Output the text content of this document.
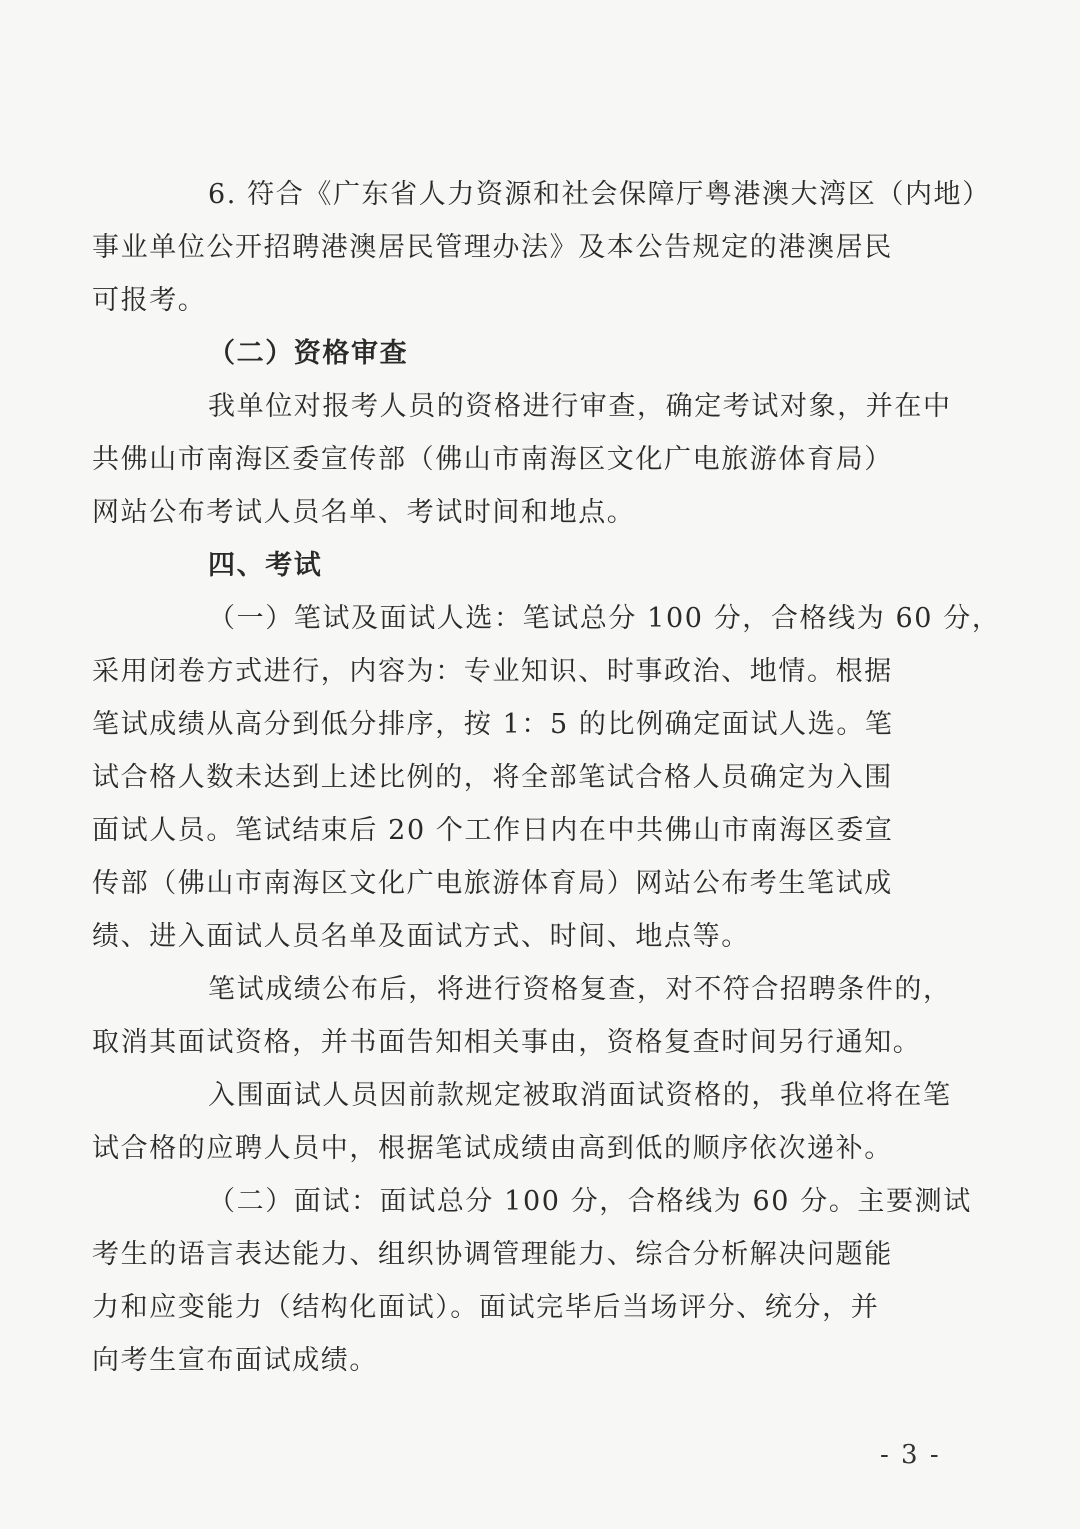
6. 符合《广东省人力资源和社会保障厅粤港澳大湾区（内地）
事业单位公开招聘港澳居民管理办法》及本公告规定的港澳居民
可报考。

（二）资格审查

我单位对报考人员的资格进行审查，确定考试对象，并在中
共佛山市南海区委宣传部（佛山市南海区文化广电旅游体育局）
网站公布考试人员名单、考试时间和地点。

四、考试

（一）笔试及面试人选：笔试总分 100 分，合格线为 60 分，
采用闭卷方式进行，内容为：专业知识、时事政治、地情。根据
笔试成绩从高分到低分排序，按 1：5 的比例确定面试人选。笔
试合格人数未达到上述比例的，将全部笔试合格人员确定为入围
面试人员。笔试结束后 20 个工作日内在中共佛山市南海区委宣
传部（佛山市南海区文化广电旅游体育局）网站公布考生笔试成
绩、进入面试人员名单及面试方式、时间、地点等。

笔试成绩公布后，将进行资格复查，对不符合招聘条件的，
取消其面试资格，并书面告知相关事由，资格复查时间另行通知。

入围面试人员因前款规定被取消面试资格的，我单位将在笔
试合格的应聘人员中，根据笔试成绩由高到低的顺序依次递补。

（二）面试：面试总分 100 分，合格线为 60 分。主要测试
考生的语言表达能力、组织协调管理能力、综合分析解决问题能
力和应变能力（结构化面试）。面试完毕后当场评分、统分，并
向考生宣布面试成绩。

- 3 -
